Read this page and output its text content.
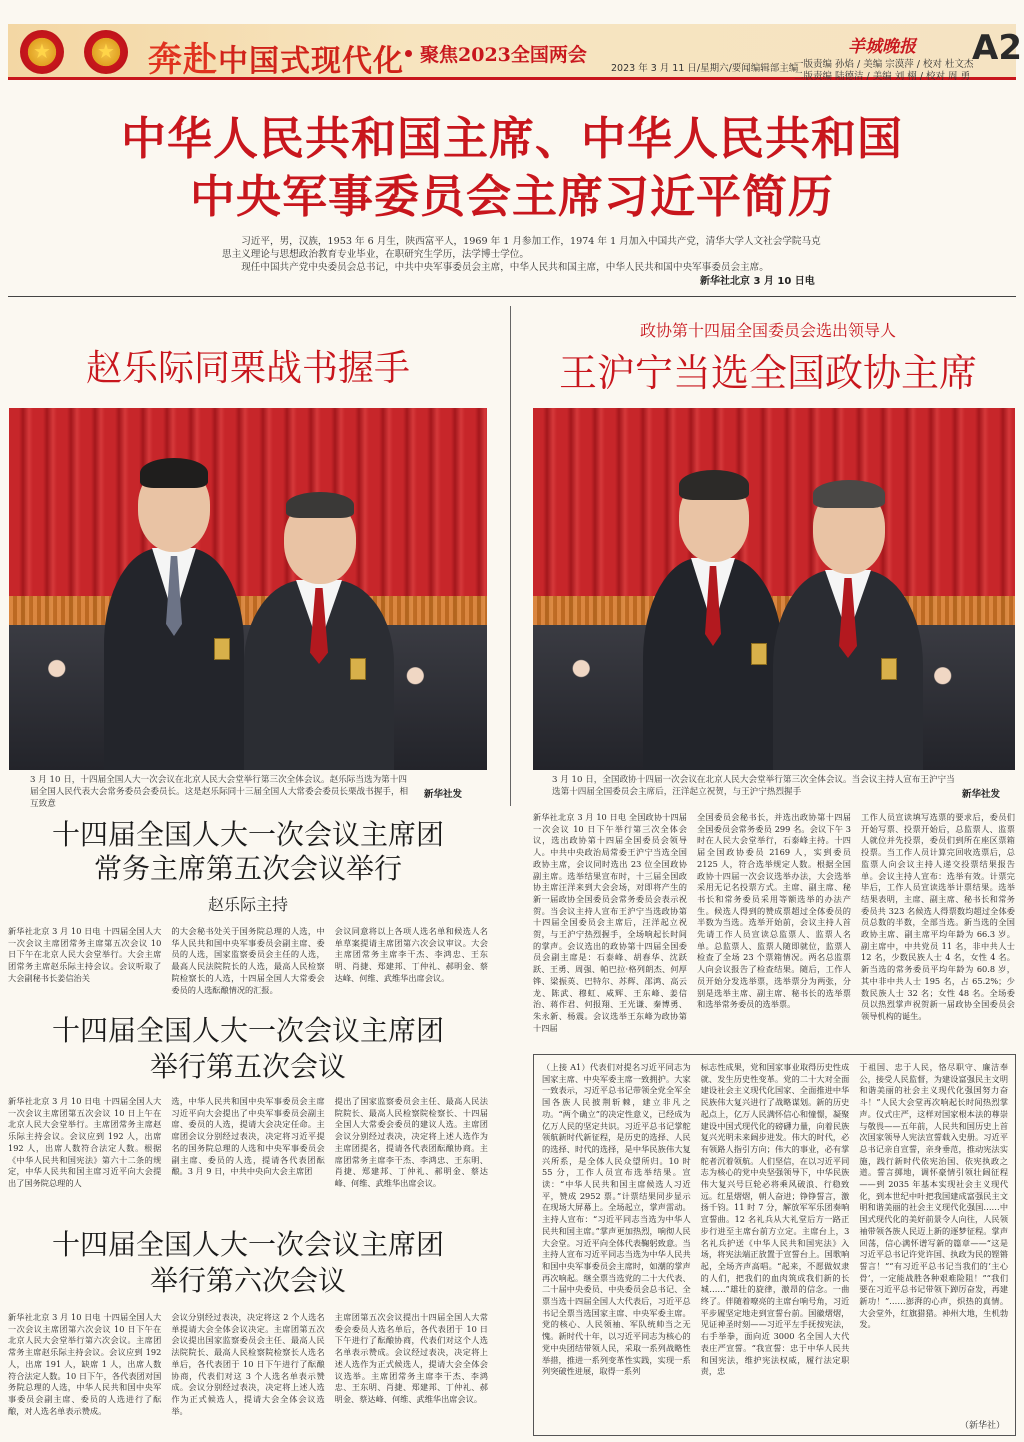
★
★
奔赴中国式现代化 聚焦2023全国两会
2023 年 3 月 11 日/星期六/要闻编辑部主编
羊城晚报
一版责编 孙焰 / 美编 宗漠萍 / 校对 杜文杰
二版责编 陆德洁 / 美编 刘 栩 / 校对 周 勇
A2
中华人民共和国主席、中华人民共和国
中央军事委员会主席习近平简历

习近平，男，汉族，1953 年 6 月生，陕西富平人，1969 年 1 月参加工作，1974 年 1 月加入中国共产党，清华大学人文社会学院马克思主义理论与思想政治教育专业毕业，在职研究生学历，法学博士学位。

现任中国共产党中央委员会总书记，中共中央军事委员会主席，中华人民共和国主席，中华人民共和国中央军事委员会主席。

新华社北京 3 月 10 日电
赵乐际同栗战书握手
3 月 10 日，十四届全国人大一次会议在北京人民大会堂举行第三次全体会议。赵乐际当选为第十四届全国人民代表大会常务委员会委员长。这是赵乐际同十三届全国人大常委会委员长栗战书握手，相互致意
新华社发
政协第十四届全国委员会选出领导人
王沪宁当选全国政协主席
3 月 10 日，全国政协十四届一次会议在北京人民大会堂举行第三次全体会议。当会议主持人宣布王沪宁当选第十四届全国委员会主席后，汪洋起立祝贺，与王沪宁热烈握手	新华社发
新华社北京 3 月 10 日电 全国政协十四届一次会议 10 日下午举行第三次全体会议，选出政协第十四届全国委员会领导人。中共中央政治局常委王沪宁当选全国政协主席，会议同时选出 23 位全国政协副主席。选举结果宣布时，十三届全国政协主席汪洋来到大会会场，对即将产生的新一届政协全国委员会常务委员会表示祝贺。当会议主持人宣布王沪宁当选政协第十四届全国委员会主席后，汪洋起立祝贺，与王沪宁热烈握手，全场响起长时间的掌声。会议选出的政协第十四届全国委员会副主席是：石泰峰、胡春华、沈跃跃、王勇、周强、帕巴拉·格列朗杰、何厚铧、梁振英、巴特尔、苏辉、邵鸿、高云龙、陈武、穆虹、咸辉、王东峰、姜信治、蒋作君、何报翔、王光谦、秦博勇、朱永新、杨震。会议选举王东峰为政协第十四届
全国委员会秘书长，并选出政协第十四届全国委员会常务委员 299 名。会议下午 3 时在人民大会堂举行，石泰峰主持。十四届全国政协委员 2169 人，实到委员 2125 人，符合选举规定人数。根据全国政协十四届一次会议选举办法，大会选举采用无记名投票方式。主席、副主席、秘书长和常务委员采用等额选举的办法产生。候选人得到的赞成票超过全体委员的半数为当选。选举开始前，会议主持人首先请工作人员宣读总监票人、监票人名单。总监票人、监票人随即就位，监票人检查了全场 23 个票箱情况。两名总监票人向会议报告了检查结果。随后，工作人员开始分发选举票，选举票分为两张，分别是选举主席、副主席、秘书长的选举票和选举常务委员的选举票。
工作人员宣读填写选票的要求后，委员们开始写票、投票开始后，总监票人、监票人就位并先投票，委员们到所在座区票箱投票。当工作人员计算完回收选票后，总监票人向会议主持人递交投票结果报告单。会议主持人宣布：选举有效。计票完毕后，工作人员宣读选举计票结果。选举结果表明，主席、副主席、秘书长和常务委员共 323 名候选人得票数均超过全体委员总数的半数，全部当选。新当选的全国政协主席、副主席平均年龄为 66.3 岁。副主席中，中共党员 11 名，非中共人士 12 名，少数民族人士 4 名，女性 4 名。新当选的常务委员平均年龄为 60.8 岁，其中非中共人士 195 名，占 65.2%；少数民族人士 32 名；女性 48 名。全场委员以热烈掌声祝贺新一届政协全国委员会领导机构的诞生。
十四届全国人大一次会议主席团
常务主席第五次会议举行
赵乐际主持
新华社北京 3 月 10 日电 十四届全国人大一次会议主席团常务主席第五次会议 10 日下午在北京人民大会堂举行。大会主席团常务主席赵乐际主持会议。会议听取了大会副秘书长姜信治关
的大会秘书处关于国务院总理的人选，中华人民共和国中央军事委员会副主席、委员的人选，国家监察委员会主任的人选，最高人民法院院长的人选，最高人民检察院检察长的人选，十四届全国人大常委会委员的人选酝酿情况的汇报。
会议同意将以上各项人选名单和候选人名单草案提请主席团第六次会议审议。大会主席团常务主席李干杰、李鸿忠、王东明、肖捷、郑建邦、丁仲礼、郝明金、蔡达峰、何维、武维华出席会议。
十四届全国人大一次会议主席团
举行第五次会议
新华社北京 3 月 10 日电 十四届全国人大一次会议主席团第五次会议 10 日上午在北京人民大会堂举行。主席团常务主席赵乐际主持会议。会议应到 192 人，出席 192 人，出席人数符合法定人数。根据《中华人民共和国宪法》第六十二条的规定，中华人民共和国主席习近平向大会提出了国务院总理的人
选，中华人民共和国中央军事委员会主席习近平向大会提出了中央军事委员会副主席、委员的人选，提请大会决定任命。主席团会议分别经过表决，决定将习近平提名的国务院总理的人选和中央军事委员会副主席、委员的人选，提请各代表团酝酿。3 月 9 日，中共中央向大会主席团
提出了国家监察委员会主任、最高人民法院院长、最高人民检察院检察长、十四届全国人大常委会委员的建议人选。主席团会议分别经过表决，决定将上述人选作为主席团提名，提请各代表团酝酿协商。主席团常务主席李干杰、李鸿忠、王东明、肖捷、郑建邦、丁仲礼、郝明金、蔡达峰、何维、武维华出席会议。
十四届全国人大一次会议主席团
举行第六次会议
新华社北京 3 月 10 日电 十四届全国人大一次会议主席团第六次会议 10 日下午在北京人民大会堂举行第六次会议。主席团常务主席赵乐际主持会议。会议应到 192 人，出席 191 人，缺席 1 人，出席人数符合法定人数。10 日下午，各代表团对国务院总理的人选，中华人民共和国中央军事委员会副主席、委员的人选进行了酝酿，对人选名单表示赞成。
会议分别经过表决，决定将这 2 个人选名单提请大会全体会议决定。主席团第五次会议提出国家监察委员会主任、最高人民法院院长、最高人民检察院检察长人选名单后，各代表团于 10 日下午进行了酝酿协商，代表们对这 3 个人选名单表示赞成。会议分别经过表决，决定将上述人选作为正式候选人，提请大会全体会议选举。
主席团第五次会议提出十四届全国人大常委会委员人选名单后，各代表团于 10 日下午进行了酝酿协商，代表们对这个人选名单表示赞成。会议经过表决，决定将上述人选作为正式候选人，提请大会全体会议选举。主席团常务主席李干杰、李鸿忠、王东明、肖捷、郑建邦、丁仲礼、郝明金、蔡达峰、何维、武维华出席会议。
（上接 A1）代表们对提名习近平同志为国家主席、中央军委主席一致拥护。大家一致表示，习近平总书记带领全党全军全国各族人民披荆斩棘，建立非凡之功。“两个确立”的决定性意义，已经成为亿万人民的坚定共识。习近平总书记掌舵领航新时代新征程，是历史的选择、人民的选择、时代的选择，是中华民族伟大复兴所系，是全体人民众望所归。10 时 55 分，工作人员宣布选举结果。宣读：“中华人民共和国主席候选人习近平，赞成 2952 票。”计票结果同步显示在现场大屏幕上。全场起立，掌声雷动。主持人宣布：“习近平同志当选为中华人民共和国主席。”掌声更加热烈，响彻人民大会堂。习近平向全体代表鞠躬致意。当主持人宣布习近平同志当选为中华人民共和国中央军事委员会主席时，如潮的掌声再次响起。继全票当选党的二十大代表、二十届中央委员、中央委员会总书记、全票当选十四届全国人大代表后，习近平总书记全票当选国家主席、中央军委主席。党的核心、人民领袖、军队统帅当之无愧。新时代十年，以习近平同志为核心的党中央团结带领人民，采取一系列战略性举措，推进一系列变革性实践，实现一系列突破性进展，取得一系列
标志性成果，党和国家事业取得历史性成就、发生历史性变革。党的二十大对全面建设社会主义现代化国家、全面推进中华民族伟大复兴进行了战略谋划。新的历史起点上，亿万人民满怀信心和憧憬，凝聚建设中国式现代化的磅礴力量，向着民族复兴光明未来阔步进发。伟大的时代，必有领路人指引方向；伟大的事业，必有掌舵者沉着领航。人们坚信，在以习近平同志为核心的党中央坚强领导下，中华民族伟大复兴号巨轮必将乘风破浪、行稳致远。红星熠熠，朝人奋进；铮铮誓言，激扬千钧。11 时 7 分，解放军军乐团奏响宣誓曲。12 名礼兵从大礼堂后方一路正步行进至主席台前方立定。主席台上，3 名礼兵护送《中华人民共和国宪法》入场，将宪法端正放置于宣誓台上。国歌响起，全场齐声高唱。“起来，不愿做奴隶的人们，把我们的血肉筑成我们新的长城……”雄壮的旋律，激昂的信念。一曲终了。伴随着嘹亮的主席台响号角，习近平步履坚定地走到宣誓台前。国徽熠熠，见证神圣时刻——习近平左手抚按宪法，右手举拳，面向近 3000 名全国人大代表庄严宣誓。“我宣誓：忠于中华人民共和国宪法，维护宪法权威，履行法定职责，忠
于祖国、忠于人民，恪尽职守、廉洁奉公，接受人民监督，为建设富强民主文明和谐美丽的社会主义现代化强国努力奋斗！”人民大会堂再次响起长时间热烈掌声。仪式庄严，这样对国家根本法的尊崇与敬畏——五年前，人民共和国历史上首次国家领导人宪法宣誓载入史册。习近平总书记亲自宣誓，亲身垂范，推动宪法实施，践行新时代依宪治国、依宪执政之道。誓言掷地，调怀豪情引领壮阔征程——到 2035 年基本实现社会主义现代化，到本世纪中叶把我国建成富强民主文明和谐美丽的社会主义现代化强国……中国式现代化的美好前景令人向往，人民领袖带领各族人民迈上新的逐梦征程。掌声回荡，信心满怀谱写新的篇章——“这是习近平总书记许党许国、执政为民的铿锵誓言！”“有习近平总书记当我们的‘主心骨’，一定能战胜各种艰难险阻！”“我们要在习近平总书记带领下踔厉奋发，再建新功！”……澎湃的心声，炽热的真情。大会堂外，红旗猎猎。神州大地，生机勃发。
（新华社）
